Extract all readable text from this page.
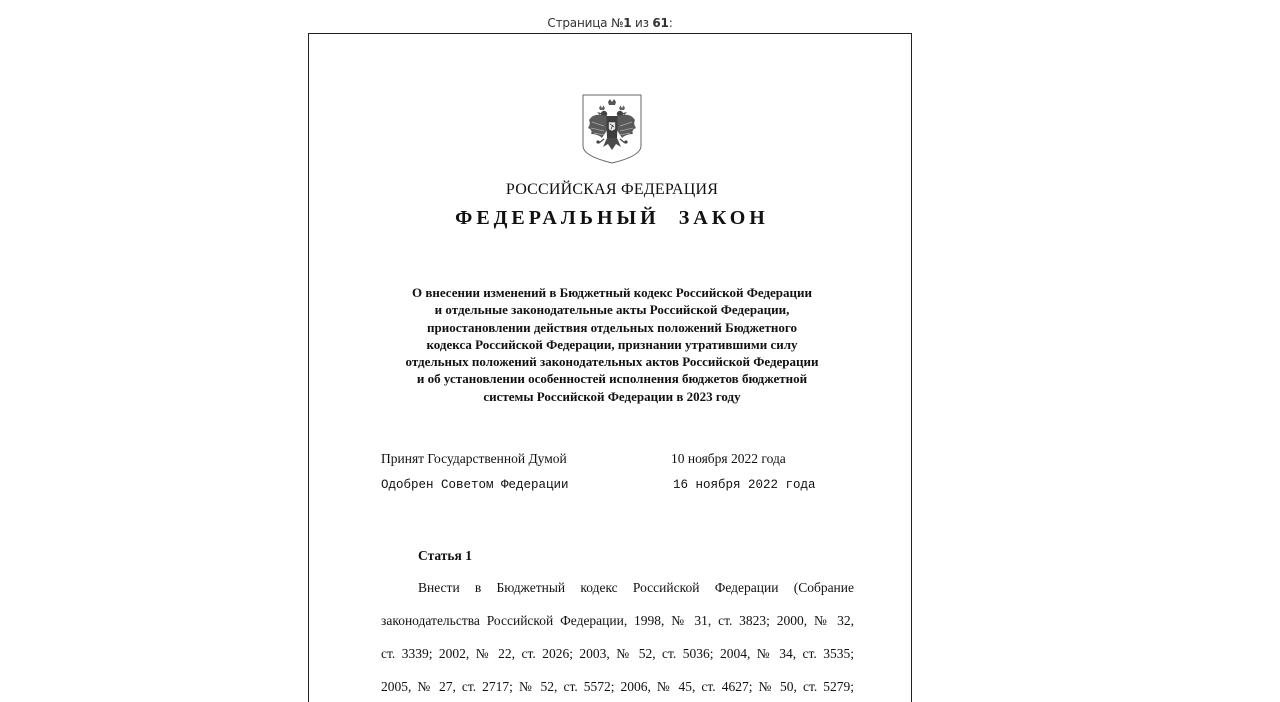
Страница №1 из 61:
РОССИЙСКАЯ ФЕДЕРАЦИЯ
ФЕДЕРАЛЬНЫЙ ЗАКОН
О внесении изменений в Бюджетный кодекс Российской Федерации
и отдельные законодательные акты Российской Федерации,
приостановлении действия отдельных положений Бюджетного
кодекса Российской Федерации, признании утратившими силу
отдельных положений законодательных актов Российской Федерации
и об установлении особенностей исполнения бюджетов бюджетной
системы Российской Федерации в 2023 году
Принят Государственной Думой	10 ноября 2022 года
Одобрен Советом Федерации	16 ноября 2022 года
Статья 1
Внести в Бюджетный кодекс Российской Федерации (Собрание
законодательства Российской Федерации, 1998, № 31, ст. 3823; 2000, № 32,
ст. 3339; 2002, № 22, ст. 2026; 2003, № 52, ст. 5036; 2004, № 34, ст. 3535;
2005, № 27, ст. 2717; № 52, ст. 5572; 2006, № 45, ст. 4627; № 50, ст. 5279;
